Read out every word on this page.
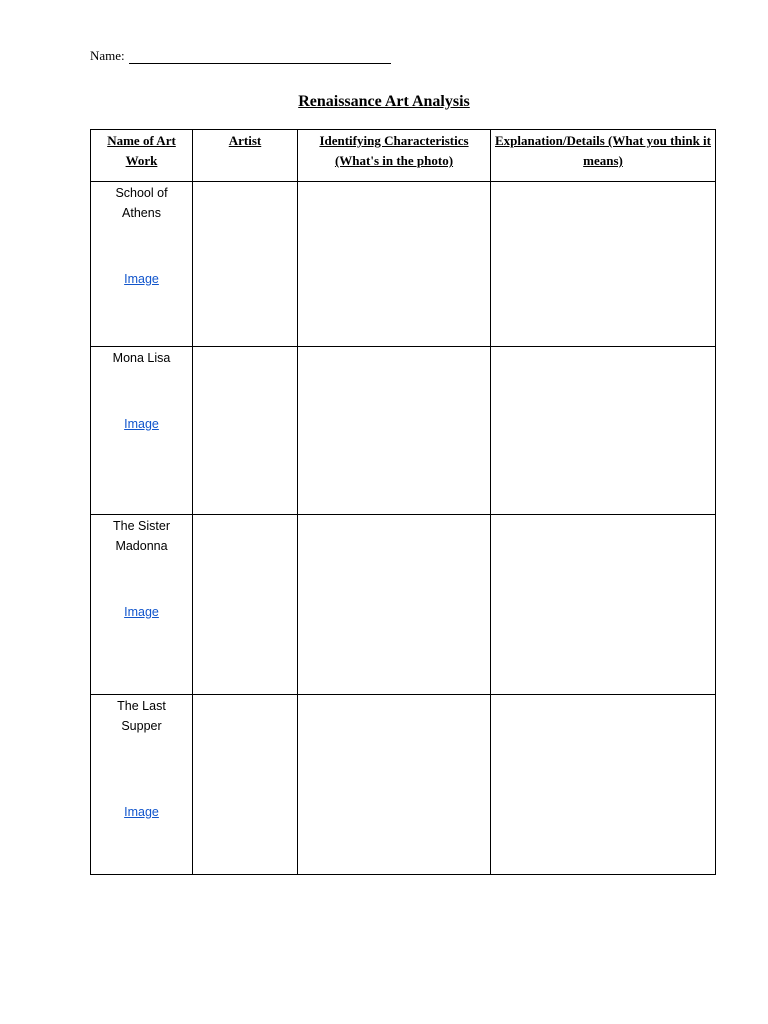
Name:
Renaissance Art Analysis
Name of Art Work	Artist	Identifying Characteristics (What's in the photo)	Explanation/Details (What you think it means)

School of Athens
Image			

Mona Lisa
Image			

The Sister Madonna
Image			

The Last Supper
Image			
